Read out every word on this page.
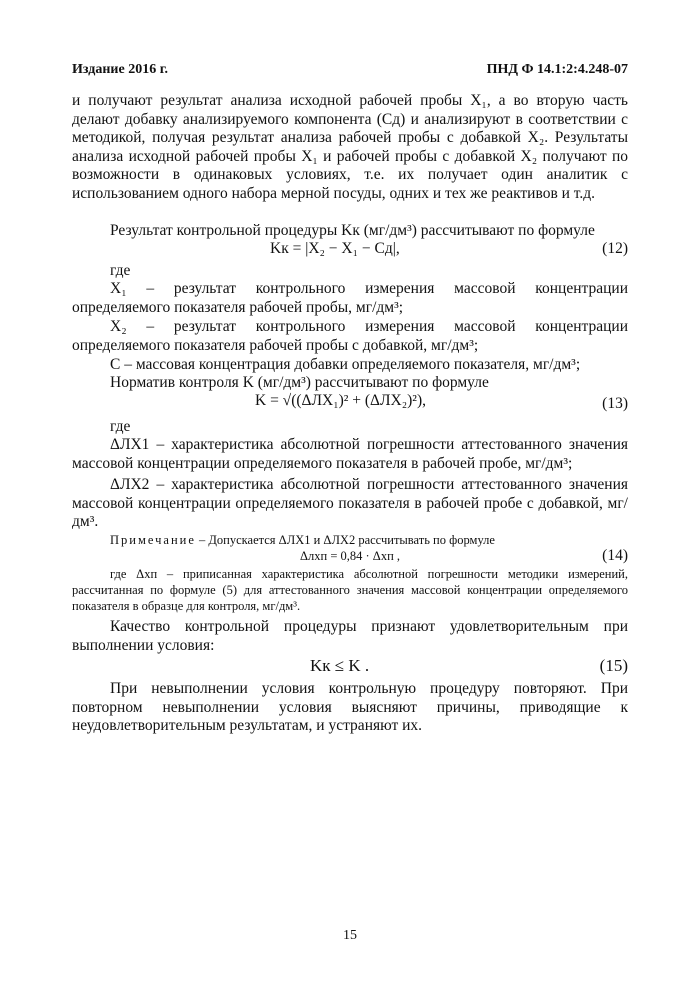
Издание 2016 г.	ПНД Ф 14.1:2:4.248-07
и получают результат анализа исходной рабочей пробы X₁, а во вторую часть делают добавку анализируемого компонента (Сд) и анализируют в соответствии с методикой, получая результат анализа рабочей пробы с добавкой X₂. Результаты анализа исходной рабочей пробы X₁ и рабочей пробы с добавкой X₂ получают по возможности в одинаковых условиях, т.е. их получает один аналитик с использованием одного набора мерной посуды, одних и тех же реактивов и т.д.
Результат контрольной процедуры Kк (мг/дм³) рассчитывают по формуле
Kк = |X₂ − X₁ − Cд|,	(12)
где
X₁ – результат контрольного измерения массовой концентрации определяемого показателя рабочей пробы, мг/дм³;
X₂ – результат контрольного измерения массовой концентрации определяемого показателя рабочей пробы с добавкой, мг/дм³;
С – массовая концентрация добавки определяемого показателя, мг/дм³;
Норматив контроля K (мг/дм³) рассчитывают по формуле
K = √((ΔЛX₁)² + (ΔЛX₂)²),	(13)
где
ΔЛX1 – характеристика абсолютной погрешности аттестованного значения массовой концентрации определяемого показателя в рабочей пробе, мг/дм³;
ΔЛX2 – характеристика абсолютной погрешности аттестованного значения массовой концентрации определяемого показателя в рабочей пробе с добавкой, мг/дм³.
Примечание – Допускается ΔЛX1 и ΔЛX2 рассчитывать по формуле
Δлхп = 0,84 · Δхп ,	(14)
где Δхп – приписанная характеристика абсолютной погрешности методики измерений, рассчитанная по формуле (5) для аттестованного значения массовой концентрации определяемого показателя в образце для контроля, мг/дм³.
Качество контрольной процедуры признают удовлетворительным при выполнении условия:
Kк ≤ K .	(15)
При невыполнении условия контрольную процедуру повторяют. При повторном невыполнении условия выясняют причины, приводящие к неудовлетворительным результатам, и устраняют их.
15
